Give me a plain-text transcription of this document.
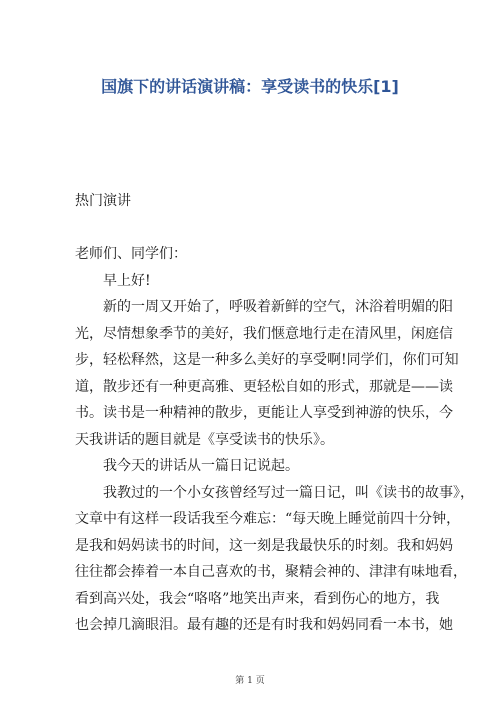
国旗下的讲话演讲稿：享受读书的快乐[1]
热门演讲
老师们、同学们：
早上好!
新的一周又开始了，呼吸着新鲜的空气，沐浴着明媚的阳
光，尽情想象季节的美好，我们惬意地行走在清风里，闲庭信
步，轻松释然，这是一种多么美好的享受啊!同学们，你们可知
道，散步还有一种更高雅、更轻松自如的形式，那就是——读
书。读书是一种精神的散步，更能让人享受到神游的快乐，今
天我讲话的题目就是《享受读书的快乐》。
我今天的讲话从一篇日记说起。
我教过的一个小女孩曾经写过一篇日记，叫《读书的故事》，
文章中有这样一段话我至今难忘：“每天晚上睡觉前四十分钟，
是我和妈妈读书的时间，这一刻是我最快乐的时刻。我和妈妈
往往都会捧着一本自己喜欢的书，聚精会神的、津津有味地看，
看到高兴处，我会“咯咯”地笑出声来，看到伤心的地方，我
也会掉几滴眼泪。最有趣的还是有时我和妈妈同看一本书，她
第 1 页
